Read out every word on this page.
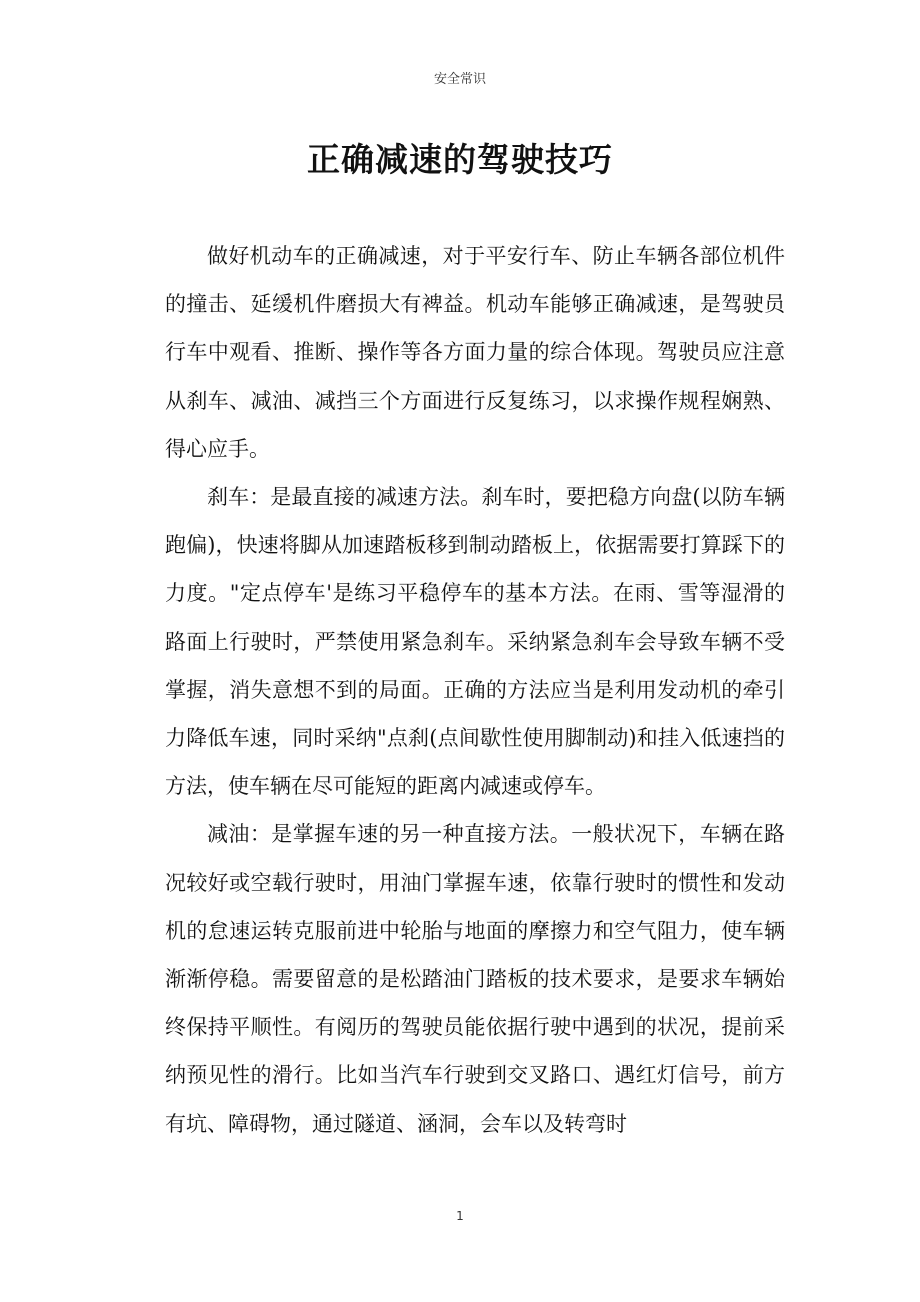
安全常识
正确减速的驾驶技巧

做好机动车的正确减速，对于平安行车、防止车辆各部位机件的撞击、延缓机件磨损大有裨益。机动车能够正确减速，是驾驶员行车中观看、推断、操作等各方面力量的综合体现。驾驶员应注意从刹车、减油、减挡三个方面进行反复练习，以求操作规程娴熟、得心应手。

刹车：是最直接的减速方法。刹车时，要把稳方向盘(以防车辆跑偏)，快速将脚从加速踏板移到制动踏板上，依据需要打算踩下的力度。"定点停车'是练习平稳停车的基本方法。在雨、雪等湿滑的路面上行驶时，严禁使用紧急刹车。采纳紧急刹车会导致车辆不受掌握，消失意想不到的局面。正确的方法应当是利用发动机的牵引力降低车速，同时采纳"点刹(点间歇性使用脚制动)和挂入低速挡的方法，使车辆在尽可能短的距离内减速或停车。

减油：是掌握车速的另一种直接方法。一般状况下，车辆在路况较好或空载行驶时，用油门掌握车速，依靠行驶时的惯性和发动机的怠速运转克服前进中轮胎与地面的摩擦力和空气阻力，使车辆渐渐停稳。需要留意的是松踏油门踏板的技术要求，是要求车辆始终保持平顺性。有阅历的驾驶员能依据行驶中遇到的状况，提前采纳预见性的滑行。比如当汽车行驶到交叉路口、遇红灯信号，前方有坑、障碍物，通过隧道、涵洞，会车以及转弯时

1
